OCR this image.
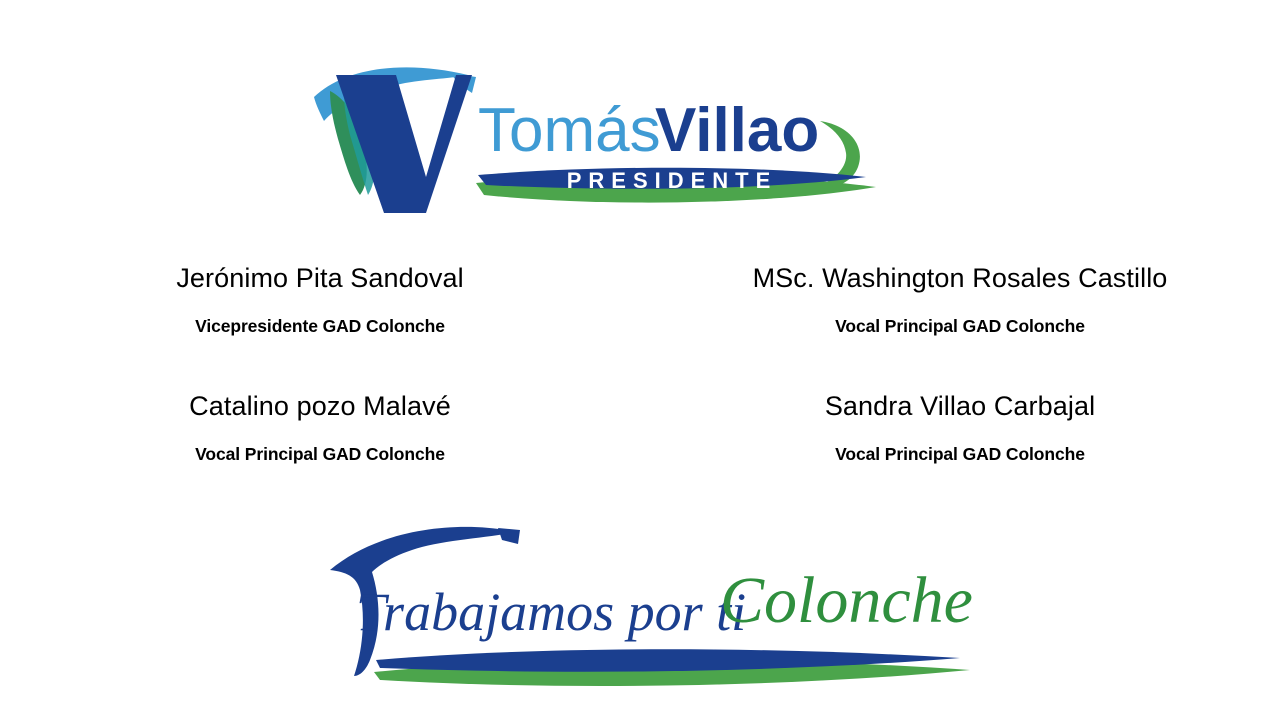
Tomás
Villao
PRESIDENTE
Jerónimo Pita Sandoval
Vicepresidente GAD Colonche
MSc. Washington Rosales Castillo
Vocal Principal GAD Colonche
Catalino pozo Malavé
Vocal Principal GAD Colonche
Sandra Villao Carbajal
Vocal Principal GAD Colonche
Trabajamos por ti
Colonche
